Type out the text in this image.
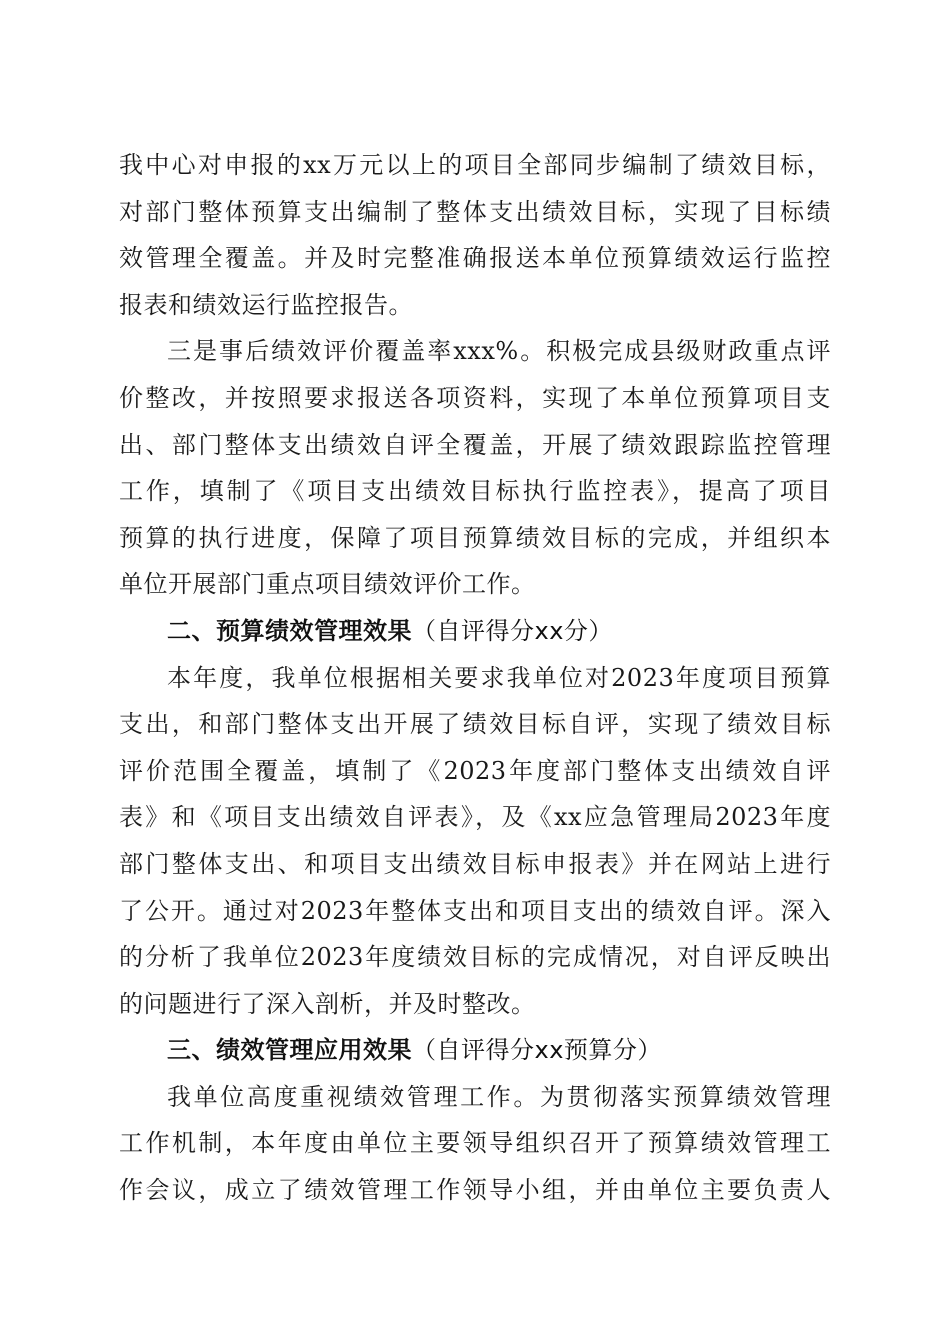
我中心对申报的xx万元以上的项目全部同步编制了绩效目标，
对部门整体预算支出编制了整体支出绩效目标，实现了目标绩
效管理全覆盖。并及时完整准确报送本单位预算绩效运行监控
报表和绩效运行监控报告。
三是事后绩效评价覆盖率xxx%。积极完成县级财政重点评
价整改，并按照要求报送各项资料，实现了本单位预算项目支
出、部门整体支出绩效自评全覆盖，开展了绩效跟踪监控管理
工作，填制了《项目支出绩效目标执行监控表》，提高了项目
预算的执行进度，保障了项目预算绩效目标的完成，并组织本
单位开展部门重点项目绩效评价工作。
二、预算绩效管理效果（自评得分xx分）
本年度，我单位根据相关要求我单位对2023年度项目预算
支出，和部门整体支出开展了绩效目标自评，实现了绩效目标
评价范围全覆盖，填制了《2023年度部门整体支出绩效自评
表》和《项目支出绩效自评表》，及《xx应急管理局2023年度
部门整体支出、和项目支出绩效目标申报表》并在网站上进行
了公开。通过对2023年整体支出和项目支出的绩效自评。深入
的分析了我单位2023年度绩效目标的完成情况，对自评反映出
的问题进行了深入剖析，并及时整改。
三、绩效管理应用效果（自评得分xx预算分）
我单位高度重视绩效管理工作。为贯彻落实预算绩效管理
工作机制，本年度由单位主要领导组织召开了预算绩效管理工
作会议，成立了绩效管理工作领导小组，并由单位主要负责人
